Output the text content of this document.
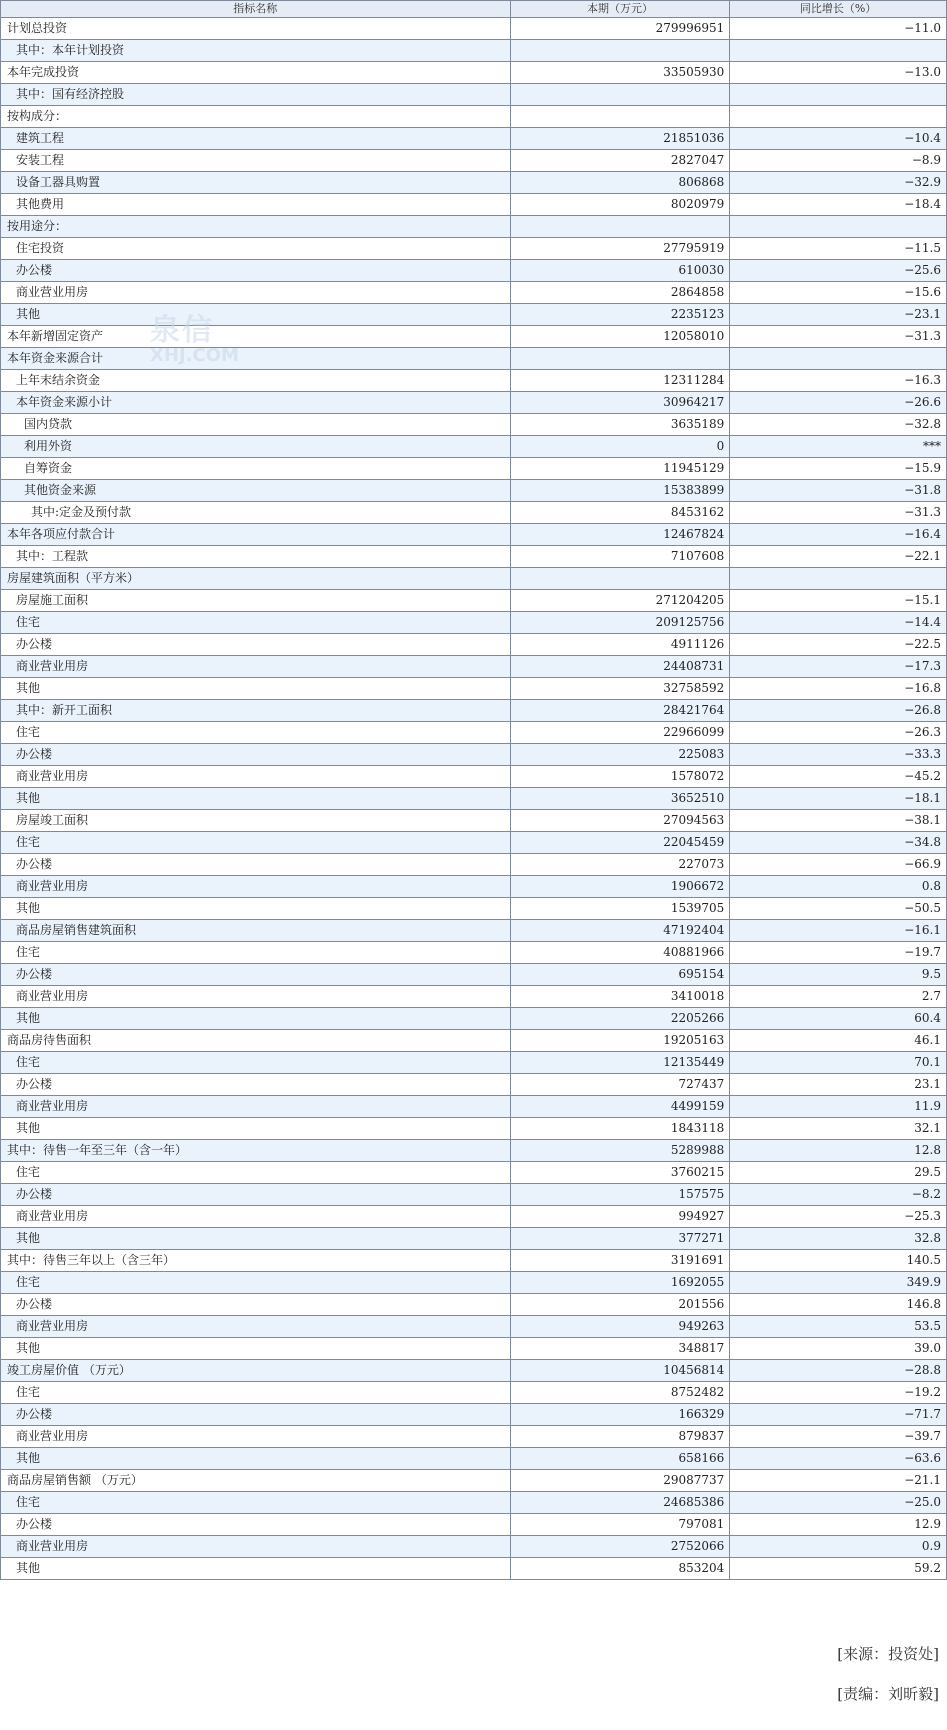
指标名称	本期（万元）	同比增长（%）
计划总投资	279996951	−11.0
其中：本年计划投资		
本年完成投资	33505930	−13.0
其中：国有经济控股		
按构成分：		
建筑工程	21851036	−10.4
安装工程	2827047	−8.9
设备工器具购置	806868	−32.9
其他费用	8020979	−18.4
按用途分：		
住宅投资	27795919	−11.5
办公楼	610030	−25.6
商业营业用房	2864858	−15.6
其他	2235123	−23.1
本年新增固定资产	12058010	−31.3
本年资金来源合计		
上年末结余资金	12311284	−16.3
本年资金来源小计	30964217	−26.6
国内贷款	3635189	−32.8
利用外资	0	***
自筹资金	11945129	−15.9
其他资金来源	15383899	−31.8
其中:定金及预付款	8453162	−31.3
本年各项应付款合计	12467824	−16.4
其中：工程款	7107608	−22.1
房屋建筑面积（平方米）		
房屋施工面积	271204205	−15.1
住宅	209125756	−14.4
办公楼	4911126	−22.5
商业营业用房	24408731	−17.3
其他	32758592	−16.8
其中：新开工面积	28421764	−26.8
住宅	22966099	−26.3
办公楼	225083	−33.3
商业营业用房	1578072	−45.2
其他	3652510	−18.1
房屋竣工面积	27094563	−38.1
住宅	22045459	−34.8
办公楼	227073	−66.9
商业营业用房	1906672	0.8
其他	1539705	−50.5
商品房屋销售建筑面积	47192404	−16.1
住宅	40881966	−19.7
办公楼	695154	9.5
商业营业用房	3410018	2.7
其他	2205266	60.4
商品房待售面积	19205163	46.1
住宅	12135449	70.1
办公楼	727437	23.1
商业营业用房	4499159	11.9
其他	1843118	32.1
其中：待售一年至三年（含一年）	5289988	12.8
住宅	3760215	29.5
办公楼	157575	−8.2
商业营业用房	994927	−25.3
其他	377271	32.8
其中：待售三年以上（含三年）	3191691	140.5
住宅	1692055	349.9
办公楼	201556	146.8
商业营业用房	949263	53.5
其他	348817	39.0
竣工房屋价值 （万元）	10456814	−28.8
住宅	8752482	−19.2
办公楼	166329	−71.7
商业营业用房	879837	−39.7
其他	658166	−63.6
商品房屋销售额 （万元）	29087737	−21.1
住宅	24685386	−25.0
办公楼	797081	12.9
商业营业用房	2752066	0.9
其他	853204	59.2
泉信
XHJ.COM
[来源：投资处]
[责编：刘昕毅]
